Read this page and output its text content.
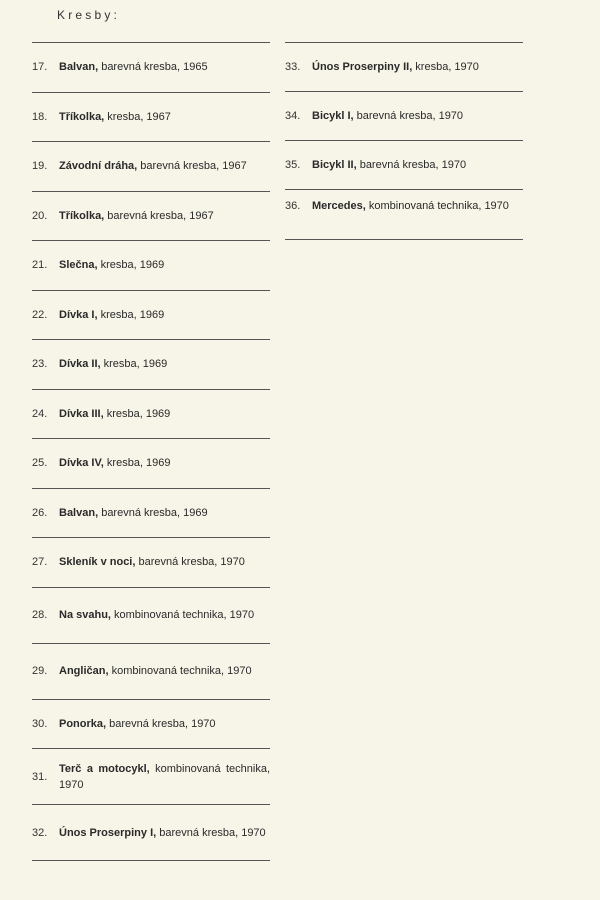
Kresby:
17.	Balvan, barevná kresba, 1965
18.	Tříkolka, kresba, 1967
19.	Závodní dráha, barevná kresba, 1967
20.	Tříkolka, barevná kresba, 1967
21.	Slečna, kresba, 1969
22.	Dívka I, kresba, 1969
23.	Dívka II, kresba, 1969
24.	Dívka III, kresba, 1969
25.	Dívka IV, kresba, 1969
26.	Balvan, barevná kresba, 1969
27.	Skleník v noci, barevná kresba, 1970
28.	Na svahu, kombinovaná technika, 1970
29.	Angličan, kombinovaná technika, 1970
30.	Ponorka, barevná kresba, 1970
31.
Terč a motocykl, kombinovaná technika, 1970
32.	Únos Proserpiny I, barevná kresba, 1970
33.	Únos Proserpiny II, kresba, 1970
34.	Bicykl I, barevná kresba, 1970
35.	Bicykl II, barevná kresba, 1970
36.	Mercedes, kombinovaná technika, 1970
